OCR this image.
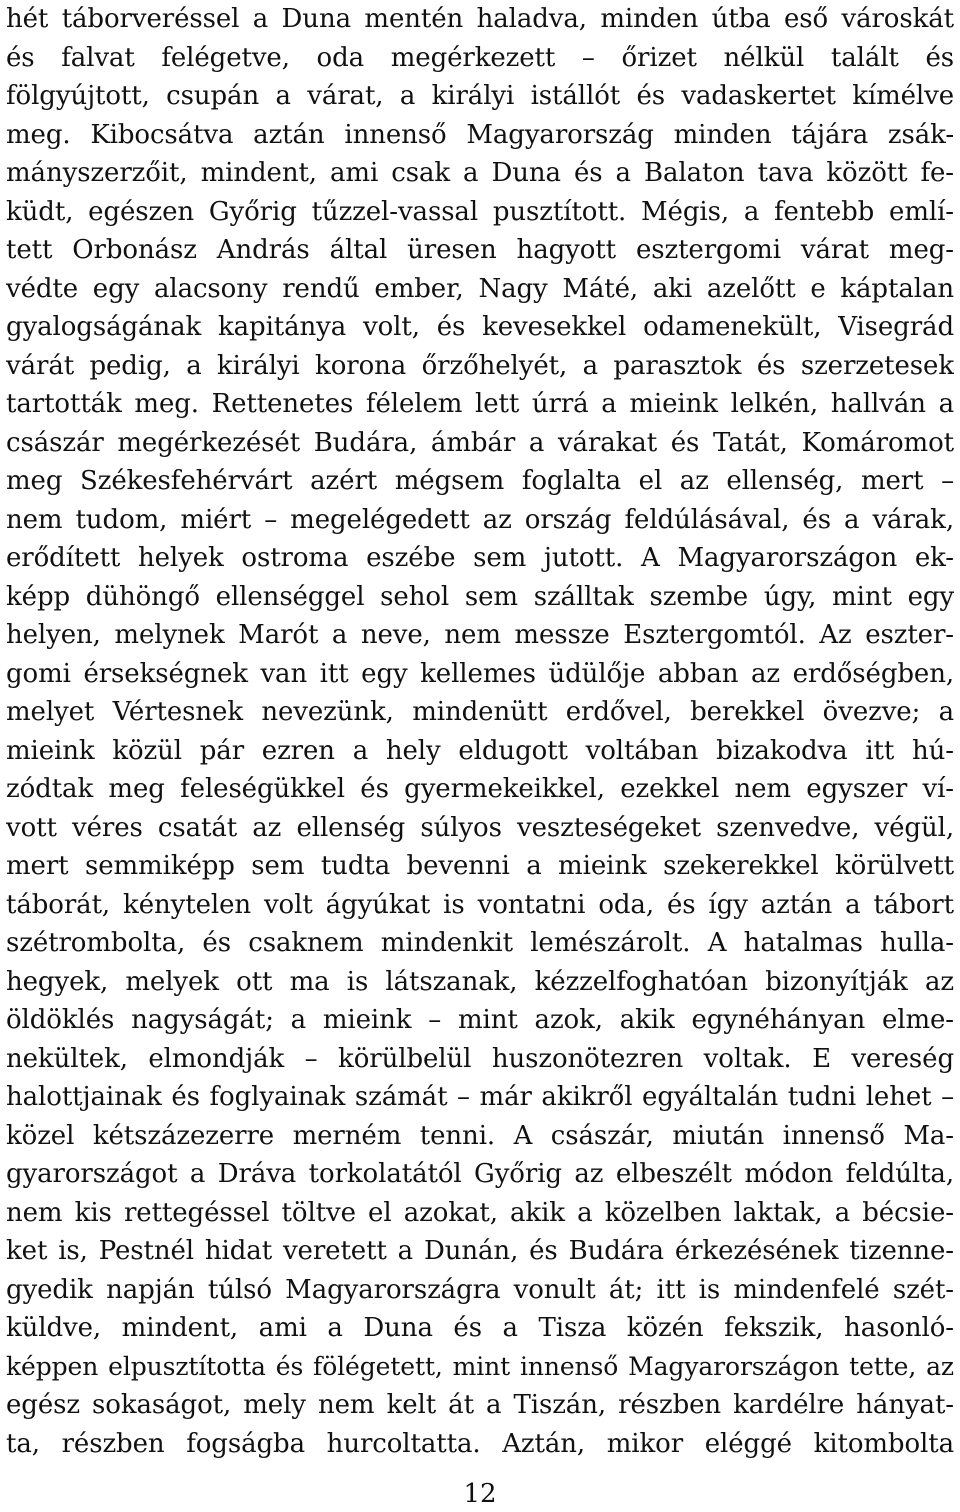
hét táborveréssel a Duna mentén haladva, minden útba eső városkát
és falvat felégetve, oda megérkezett – őrizet nélkül talált és
fölgyújtott, csupán a várat, a királyi istállót és vadaskertet kímélve
meg. Kibocsátva aztán innenső Magyarország minden tájára zsák-
mányszerzőit, mindent, ami csak a Duna és a Balaton tava között fe-
küdt, egészen Győrig tűzzel-vassal pusztított. Mégis, a fentebb emlí-
tett Orbonász András által üresen hagyott esztergomi várat meg-
védte egy alacsony rendű ember, Nagy Máté, aki azelőtt e káptalan
gyalogságának kapitánya volt, és kevesekkel odamenekült, Visegrád
várát pedig, a királyi korona őrzőhelyét, a parasztok és szerzetesek
tartották meg. Rettenetes félelem lett úrrá a mieink lelkén, hallván a
császár megérkezését Budára, ámbár a várakat és Tatát, Komáromot
meg Székesfehérvárt azért mégsem foglalta el az ellenség, mert –
nem tudom, miért – megelégedett az ország feldúlásával, és a várak,
erődített helyek ostroma eszébe sem jutott. A Magyarországon ek-
képp dühöngő ellenséggel sehol sem szálltak szembe úgy, mint egy
helyen, melynek Marót a neve, nem messze Esztergomtól. Az eszter-
gomi érsekségnek van itt egy kellemes üdülője abban az erdőségben,
melyet Vértesnek nevezünk, mindenütt erdővel, berekkel övezve; a
mieink közül pár ezren a hely eldugott voltában bizakodva itt hú-
zódtak meg feleségükkel és gyermekeikkel, ezekkel nem egyszer ví-
vott véres csatát az ellenség súlyos veszteségeket szenvedve, végül,
mert semmiképp sem tudta bevenni a mieink szekerekkel körülvett
táborát, kénytelen volt ágyúkat is vontatni oda, és így aztán a tábort
szétrombolta, és csaknem mindenkit lemészárolt. A hatalmas hulla-
hegyek, melyek ott ma is látszanak, kézzelfoghatóan bizonyítják az
öldöklés nagyságát; a mieink – mint azok, akik egynéhányan elme-
nekültek, elmondják – körülbelül huszonötezren voltak. E vereség
halottjainak és foglyainak számát – már akikről egyáltalán tudni lehet –
közel kétszázezerre merném tenni. A császár, miután innenső Ma-
gyarországot a Dráva torkolatától Győrig az elbeszélt módon feldúlta,
nem kis rettegéssel töltve el azokat, akik a közelben laktak, a bécsie-
ket is, Pestnél hidat veretett a Dunán, és Budára érkezésének tizenne-
gyedik napján túlsó Magyarországra vonult át; itt is mindenfelé szét-
küldve, mindent, ami a Duna és a Tisza közén fekszik, hasonló-
képpen elpusztította és fölégetett, mint innenső Magyarországon tette, az
egész sokaságot, mely nem kelt át a Tiszán, részben kardélre hányat-
ta, részben fogságba hurcoltatta. Aztán, mikor eléggé kitombolta
12
